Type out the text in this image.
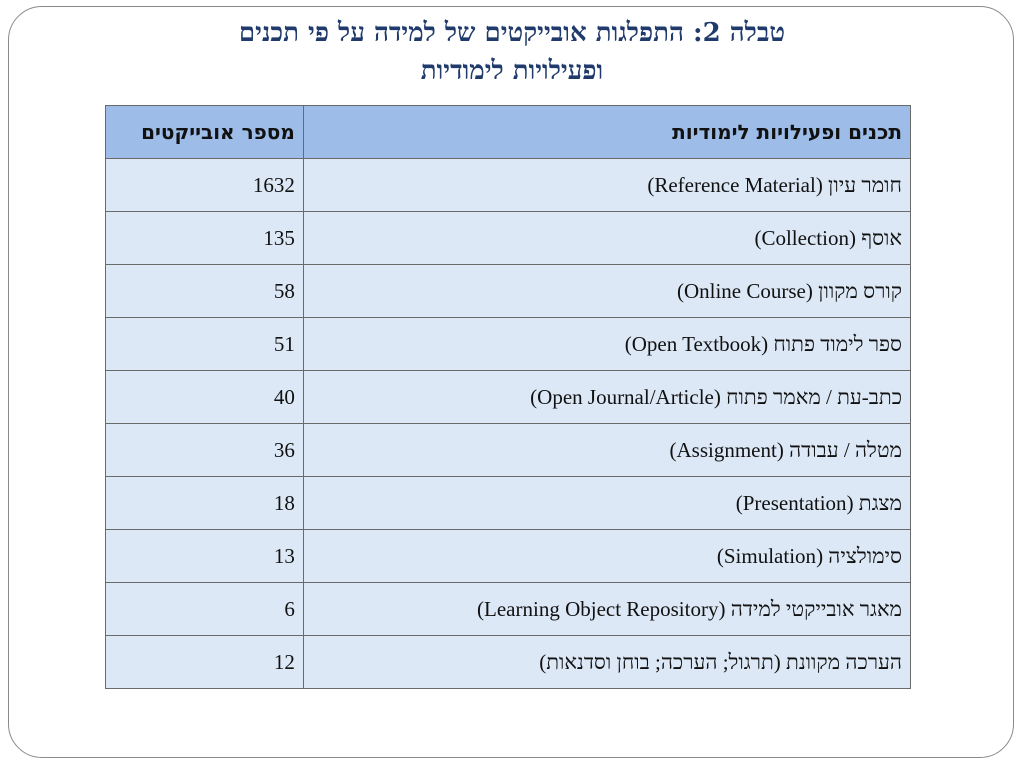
טבלה 2: התפלגות אובייקטים של למידה על פי תכנים
ופעילויות לימודיות
תכנים ופעילויות לימודיות	מספר אובייקטים
חומר עיון (Reference Material)	1632
אוסף (Collection)	135
קורס מקוון (Online Course)	58
ספר לימוד פתוח (Open Textbook)	51
כתב-עת / מאמר פתוח (Open Journal/Article)	40
מטלה / עבודה (Assignment)	36
מצגת (Presentation)	18
סימולציה (Simulation)	13
מאגר אובייקטי למידה (Learning Object Repository)	6
הערכה מקוונת (תרגול; הערכה; בוחן וסדנאות)	12
